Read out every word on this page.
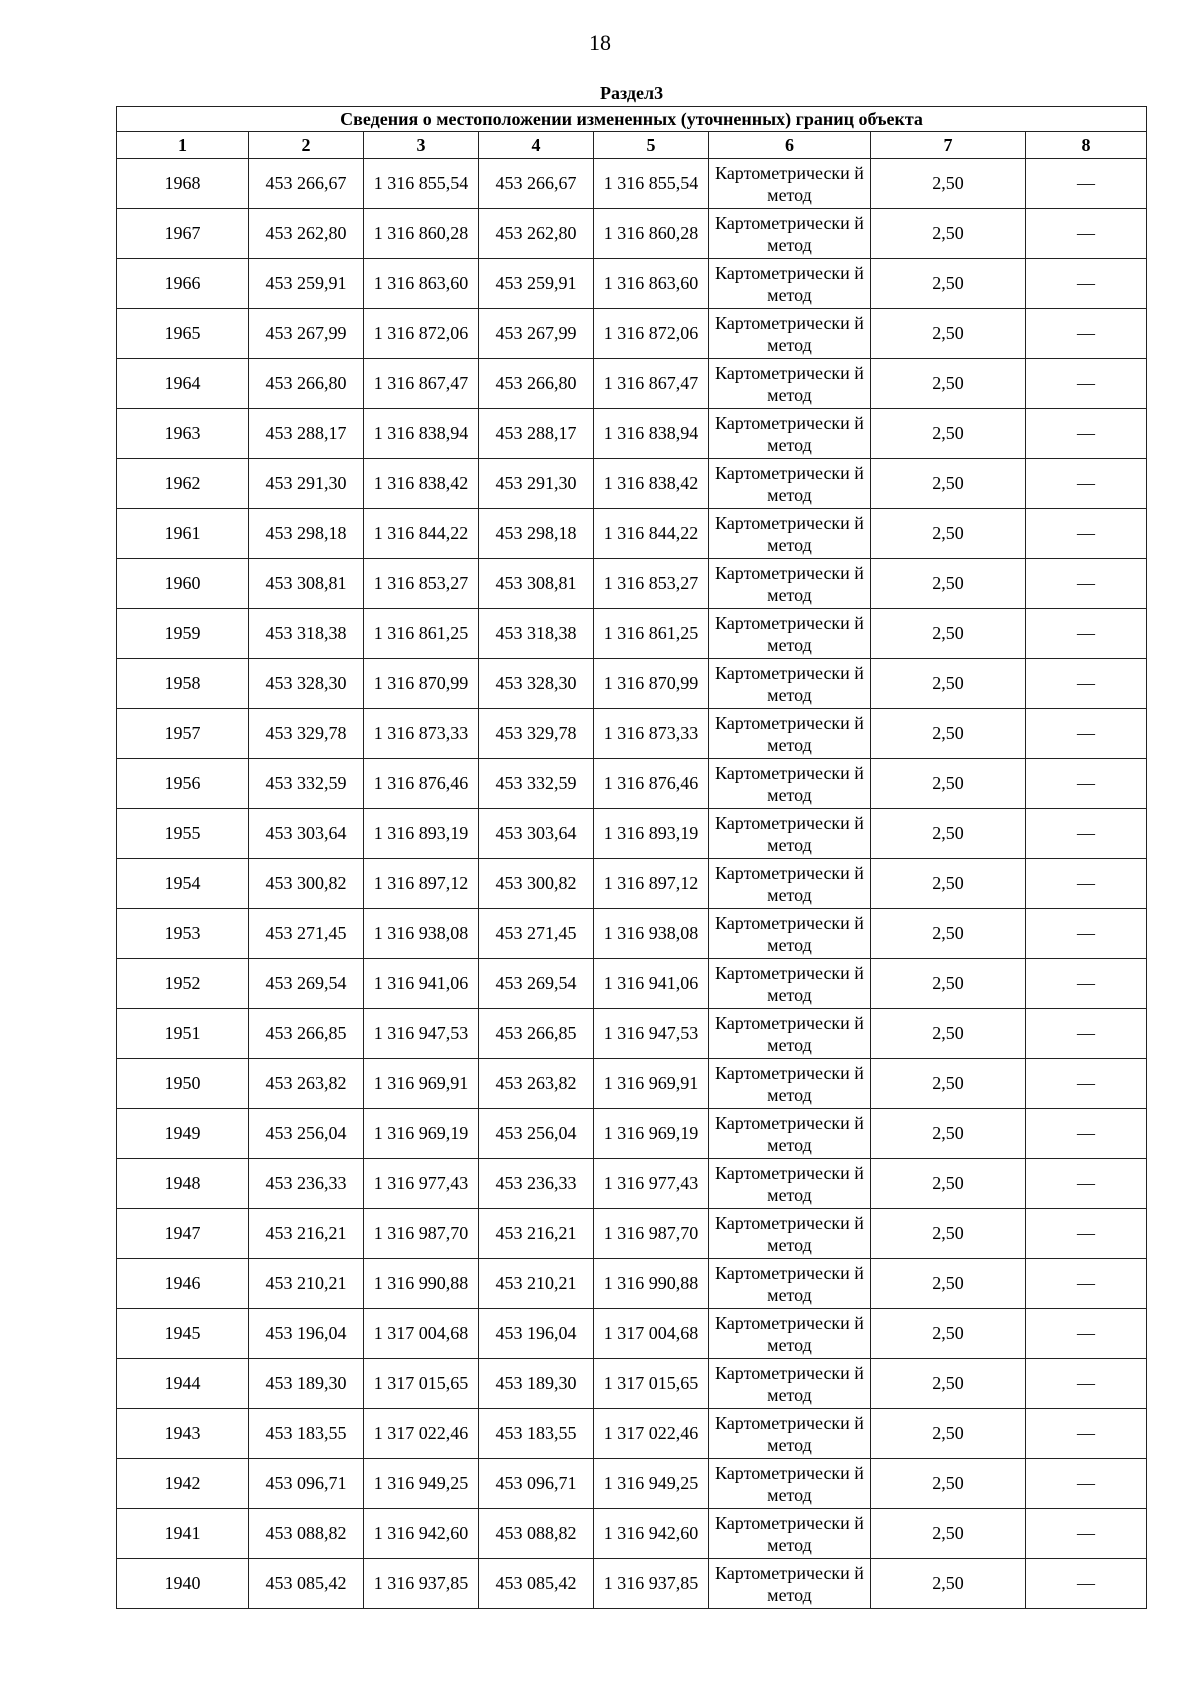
18
Раздел3							
Сведения о местоположении измененных (уточненных) границ объекта							
1	2	3	4	5	6	7	8
1968	453 266,67	1 316 855,54	453 266,67	1 316 855,54	Картометрически й метод	2,50	—
1967	453 262,80	1 316 860,28	453 262,80	1 316 860,28	Картометрически й метод	2,50	—
1966	453 259,91	1 316 863,60	453 259,91	1 316 863,60	Картометрически й метод	2,50	—
1965	453 267,99	1 316 872,06	453 267,99	1 316 872,06	Картометрически й метод	2,50	—
1964	453 266,80	1 316 867,47	453 266,80	1 316 867,47	Картометрически й метод	2,50	—
1963	453 288,17	1 316 838,94	453 288,17	1 316 838,94	Картометрически й метод	2,50	—
1962	453 291,30	1 316 838,42	453 291,30	1 316 838,42	Картометрически й метод	2,50	—
1961	453 298,18	1 316 844,22	453 298,18	1 316 844,22	Картометрически й метод	2,50	—
1960	453 308,81	1 316 853,27	453 308,81	1 316 853,27	Картометрически й метод	2,50	—
1959	453 318,38	1 316 861,25	453 318,38	1 316 861,25	Картометрически й метод	2,50	—
1958	453 328,30	1 316 870,99	453 328,30	1 316 870,99	Картометрически й метод	2,50	—
1957	453 329,78	1 316 873,33	453 329,78	1 316 873,33	Картометрически й метод	2,50	—
1956	453 332,59	1 316 876,46	453 332,59	1 316 876,46	Картометрически й метод	2,50	—
1955	453 303,64	1 316 893,19	453 303,64	1 316 893,19	Картометрически й метод	2,50	—
1954	453 300,82	1 316 897,12	453 300,82	1 316 897,12	Картометрически й метод	2,50	—
1953	453 271,45	1 316 938,08	453 271,45	1 316 938,08	Картометрически й метод	2,50	—
1952	453 269,54	1 316 941,06	453 269,54	1 316 941,06	Картометрически й метод	2,50	—
1951	453 266,85	1 316 947,53	453 266,85	1 316 947,53	Картометрически й метод	2,50	—
1950	453 263,82	1 316 969,91	453 263,82	1 316 969,91	Картометрически й метод	2,50	—
1949	453 256,04	1 316 969,19	453 256,04	1 316 969,19	Картометрически й метод	2,50	—
1948	453 236,33	1 316 977,43	453 236,33	1 316 977,43	Картометрически й метод	2,50	—
1947	453 216,21	1 316 987,70	453 216,21	1 316 987,70	Картометрически й метод	2,50	—
1946	453 210,21	1 316 990,88	453 210,21	1 316 990,88	Картометрически й метод	2,50	—
1945	453 196,04	1 317 004,68	453 196,04	1 317 004,68	Картометрически й метод	2,50	—
1944	453 189,30	1 317 015,65	453 189,30	1 317 015,65	Картометрически й метод	2,50	—
1943	453 183,55	1 317 022,46	453 183,55	1 317 022,46	Картометрически й метод	2,50	—
1942	453 096,71	1 316 949,25	453 096,71	1 316 949,25	Картометрически й метод	2,50	—
1941	453 088,82	1 316 942,60	453 088,82	1 316 942,60	Картометрически й метод	2,50	—
1940	453 085,42	1 316 937,85	453 085,42	1 316 937,85	Картометрически й метод	2,50	—
